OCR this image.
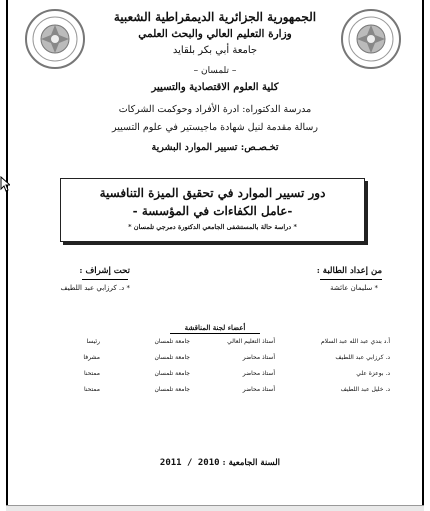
الجمهورية الجزائرية الديمقراطية الشعبية
وزارة التعليم العالي والبحث العلمي
جامعة أبي بكر بلقايد
– تلمسان –
كلية العلوم الاقتصادية والتسيير
مدرسة الدكتوراه: ادرة الأفراد وحوكمت الشركات
رسالة مقدمة لنيل شهادة ماجيستير في علوم التسيير
تخـصـص: تسيير الموارد البشرية
دور تسيير الموارد في تحقيق الميزة التنافسية
-عامل الكفاءات في المؤسسة -
* دراسة حالة بالمستشفى الجامعي الدكتورة دمرجي تلمسان *
من إعداد الطالبة :
* سليمان عائشة
تحت إشراف :
* د. كرزابي عبد اللطيف
أعضاء لجنة المناقشة
أ.د بندي عبد الله عبد السلام
أستاذ التعليم العالي
جامعة تلمسان
رئيسا
د. كرزابي عبد اللطيف
أستاذ محاضر
جامعة تلمسان
مشرفا
د. بوعزة علي
أستاذ محاضر
جامعة تلمسان
ممتحنا
د. خليل عبد اللطيف
أستاذ محاضر
جامعة تلمسان
ممتحنا
السنة الجامعية : 2010 / 2011
